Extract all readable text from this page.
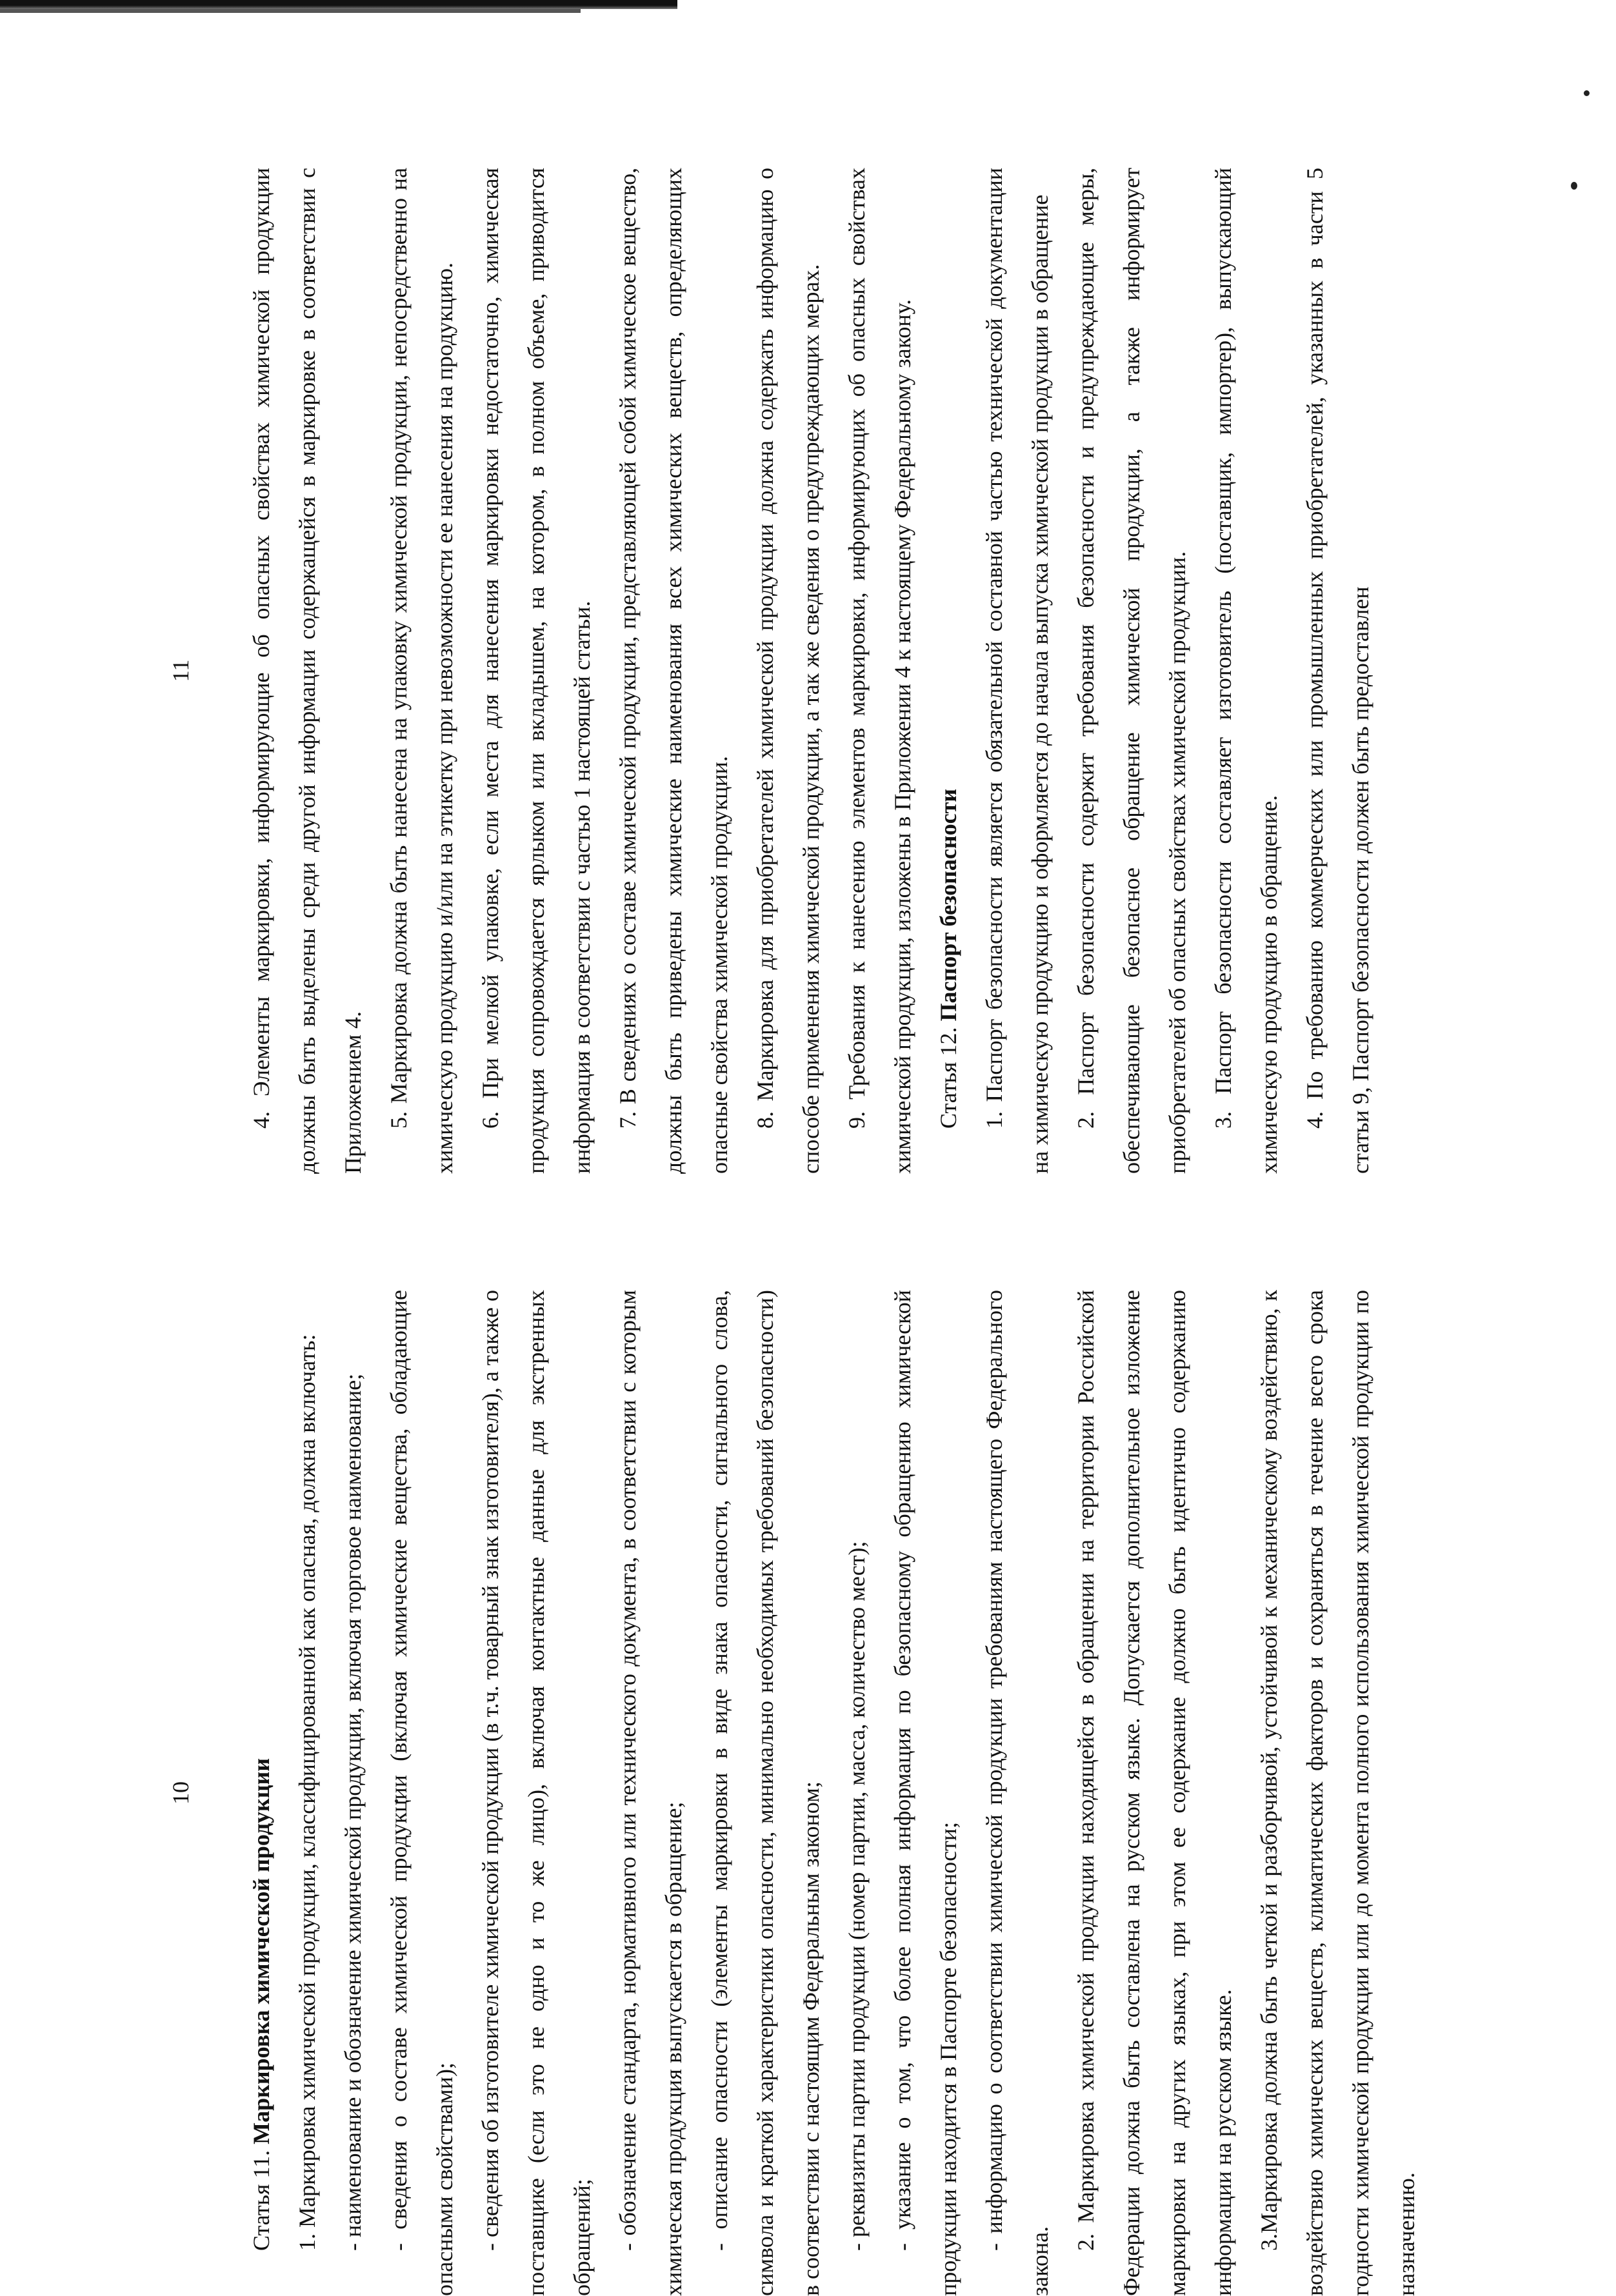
10

Статья 11. Маркировка химической продукции 1. Маркировка химической продукции, классифицированной как опасная, должна включать: - наименование и обозначение химической продукции, включая торговое наименование; - сведения о составе химической продукции (включая химические вещества, обладающие опасными свойствами); - сведения об изготовителе химической продукции (в т.ч. товарный знак изготовителя), а также о поставщике (если это не одно и то же лицо), включая контактные данные для экстренных обращений; - обозначение стандарта, нормативного или технического документа, в соответствии с которым химическая продукция выпускается в обращение; - описание опасности (элементы маркировки в виде знака опасности, сигнального слова, символа и краткой характеристики опасности, минимально необходимых требований безопасности) в соответствии с настоящим Федеральным законом; - реквизиты партии продукции (номер партии, масса, количество мест); - указание о том, что более полная информация по безопасному обращению химической продукции находится в Паспорте безопасности; - информацию о соответствии химической продукции требованиям настоящего Федерального закона.

2. Маркировка химической продукции находящейся в обращении на территории Российской Федерации должна быть составлена на русском языке. Допускается дополнительное изложение маркировки на других языках, при этом ее содержание должно быть идентично содержанию информации на русском языке. 3.Маркировка должна быть четкой и разборчивой, устойчивой к механическому воздействию, к воздействию химических веществ, климатических факторов и сохраняться в течение всего срока годности химической продукции или до момента полного использования химической продукции по назначению.

11	4. Элементы маркировки, информирующие об опасных свойствах химической продукции должны быть выделены среди другой информации содержащейся в маркировке в соответствии с Приложением 4. 5. Маркировка должна быть нанесена на упаковку химической продукции, непосредственно на химическую продукцию и/или на этикетку при невозможности ее нанесения на продукцию. 6. При мелкой упаковке, если места для нанесения маркировки недостаточно, химическая продукция сопровождается ярлыком или вкладышем, на котором, в полном объеме, приводится информация в соответствии с частью 1 настоящей статьи. 7. В сведениях о составе химической продукции, представляющей собой химическое вещество, должны быть приведены химические наименования всех химических веществ, определяющих опасные свойства химической продукции. 8. Маркировка для приобретателей химической продукции должна содержать информацию о способе применения химической продукции, а так же сведения о предупреждающих мерах. 9. Требования к нанесению элементов маркировки, информирующих об опасных свойствах химической продукции, изложены в Приложении 4 к настоящему Федеральному закону. Статья 12. Паспорт безопасности 1. Паспорт безопасности является обязательной составной частью технической документации на химическую продукцию и оформляется до начала выпуска химической продукции в обращение 2. Паспорт безопасности содержит требования безопасности и предупреждающие меры, обеспечивающие безопасное обращение химической продукции, а также информирует приобретателей об опасных свойствах химической продукции. 3. Паспорт безопасности составляет изготовитель (поставщик, импортер), выпускающий химическую продукцию в обращение. 4. По требованию коммерческих или промышленных приобретателей, указанных в части 5 статьи 9, Паспорт безопасности должен быть предоставлен
